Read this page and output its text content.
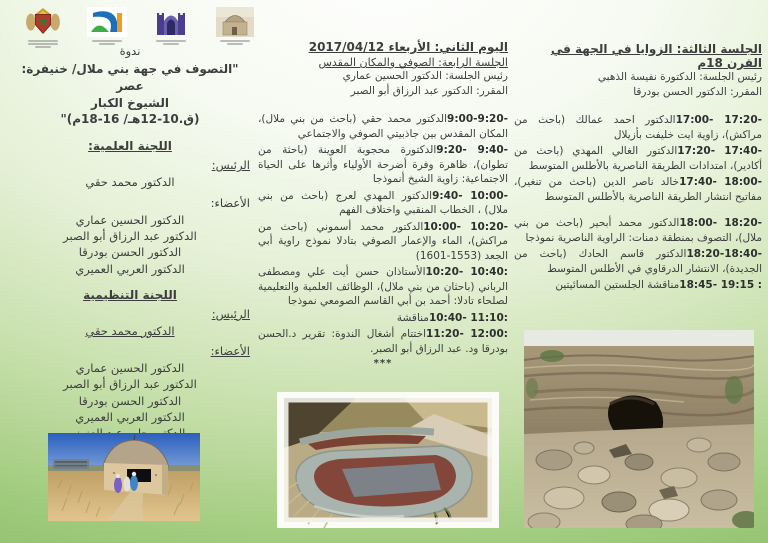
ندوة
"التصوف في جهة بني ملال/ خنيفرة: عصر
الشيوخ الكبار
(ق.10-12هـ/ 16-18م)"
اللجنة العلمية:
الرئيس:
الدكتور محمد حقي
الأعضاء:
الدكتور الحسين عماري
الدكتور عبد الرزاق أبو الصبر
الدكتور الحسن بودرقا
الدكتور العربي العميري
اللجنة التنظيمية
الرئيس:
الدكتور محمد حقي
الأعضاء:
الدكتور الحسين عماري
الدكتور عبد الرزاق أبو الصبر
الدكتور الحسن بودرقا
الدكتور العربي العميري
اليوم الثاني: الأربعاء 2017/04/12
الجلسة الرابعة: الصوفي والمكان المقدس
رئيس الجلسة: الدكتور الحسين عماري
المقرر: الدكتور عبد الرزاق أبو الصبر

9:00-9:20-الدكتور محمد حقي (باحث من بني ملال)، المكان المقدس بين جاذبيتي الصوفي والاجتماعي

9:20- 9:40-الدكتورة محجوبة العوينة (باحثة من تطوان)، ظاهرة وفرة أضرحة الأولياء وأثرها على الحياة الاجتماعية: زاوية الشيخ أنموذجا

9:40- 10:00-الدكتور المهدي لعرج (باحث من بني ملال) ، الخطاب المنقبي واختلاف الفهم

10:00- 10:20-الدكتور محمد أسموني (باحث من مراكش)، الماء والإعمار الصوفي بتادلا نموذج راوية أبي الجعد (1553-1601)

10:20- 10:40:الأستاذان حسن أيت علي ومصطفى الرباني (باحثان من بني ملال)، الوظائف العلمية والتعليمية لصلحاء تادلا: أحمد بن أبي القاسم الصومعي نموذجا

10:40- 11:10:مناقشة

11:20- 12:00:اختتام أشغال الندوة: تقرير د.الحسن بودرقا ود. عبد الرزاق أبو الصبر.

***
الجلسة الثالثة: الزوايا في الجهة في القرن 18م
رئيس الجلسة: الدكتورة نفيسة الذهبي
المقرر: الدكتور الحسن بودرقا

17:00- 17:20-الدكتور احمد عمالك (باحث من مراكش)، زاوية ايت خليفت بأزيلال

17:20- 17:40-الدكتور الغالي المهدي (باحث من أكادير)، امتدادات الطريقة الناصرية بالأطلس المتوسط

17:40- 18:00-خالد ناصر الدين (باحث من تنغير)، مفاتيح انتشار الطريقة الناصرية بالأطلس المتوسط

18:00- 18:20-الدكتور محمد أبحير (باحث من بني ملال)، التصوف بمنطقة دمنات: الراوية الناصرية نموذجا

18:20-18:40-الدكتور قاسم الحادك (باحث من الجديدة)، الانتشار الدرقاوي في الأطلس المتوسط

18:45- 19:15 :مناقشة الجلستين المسائيتين
